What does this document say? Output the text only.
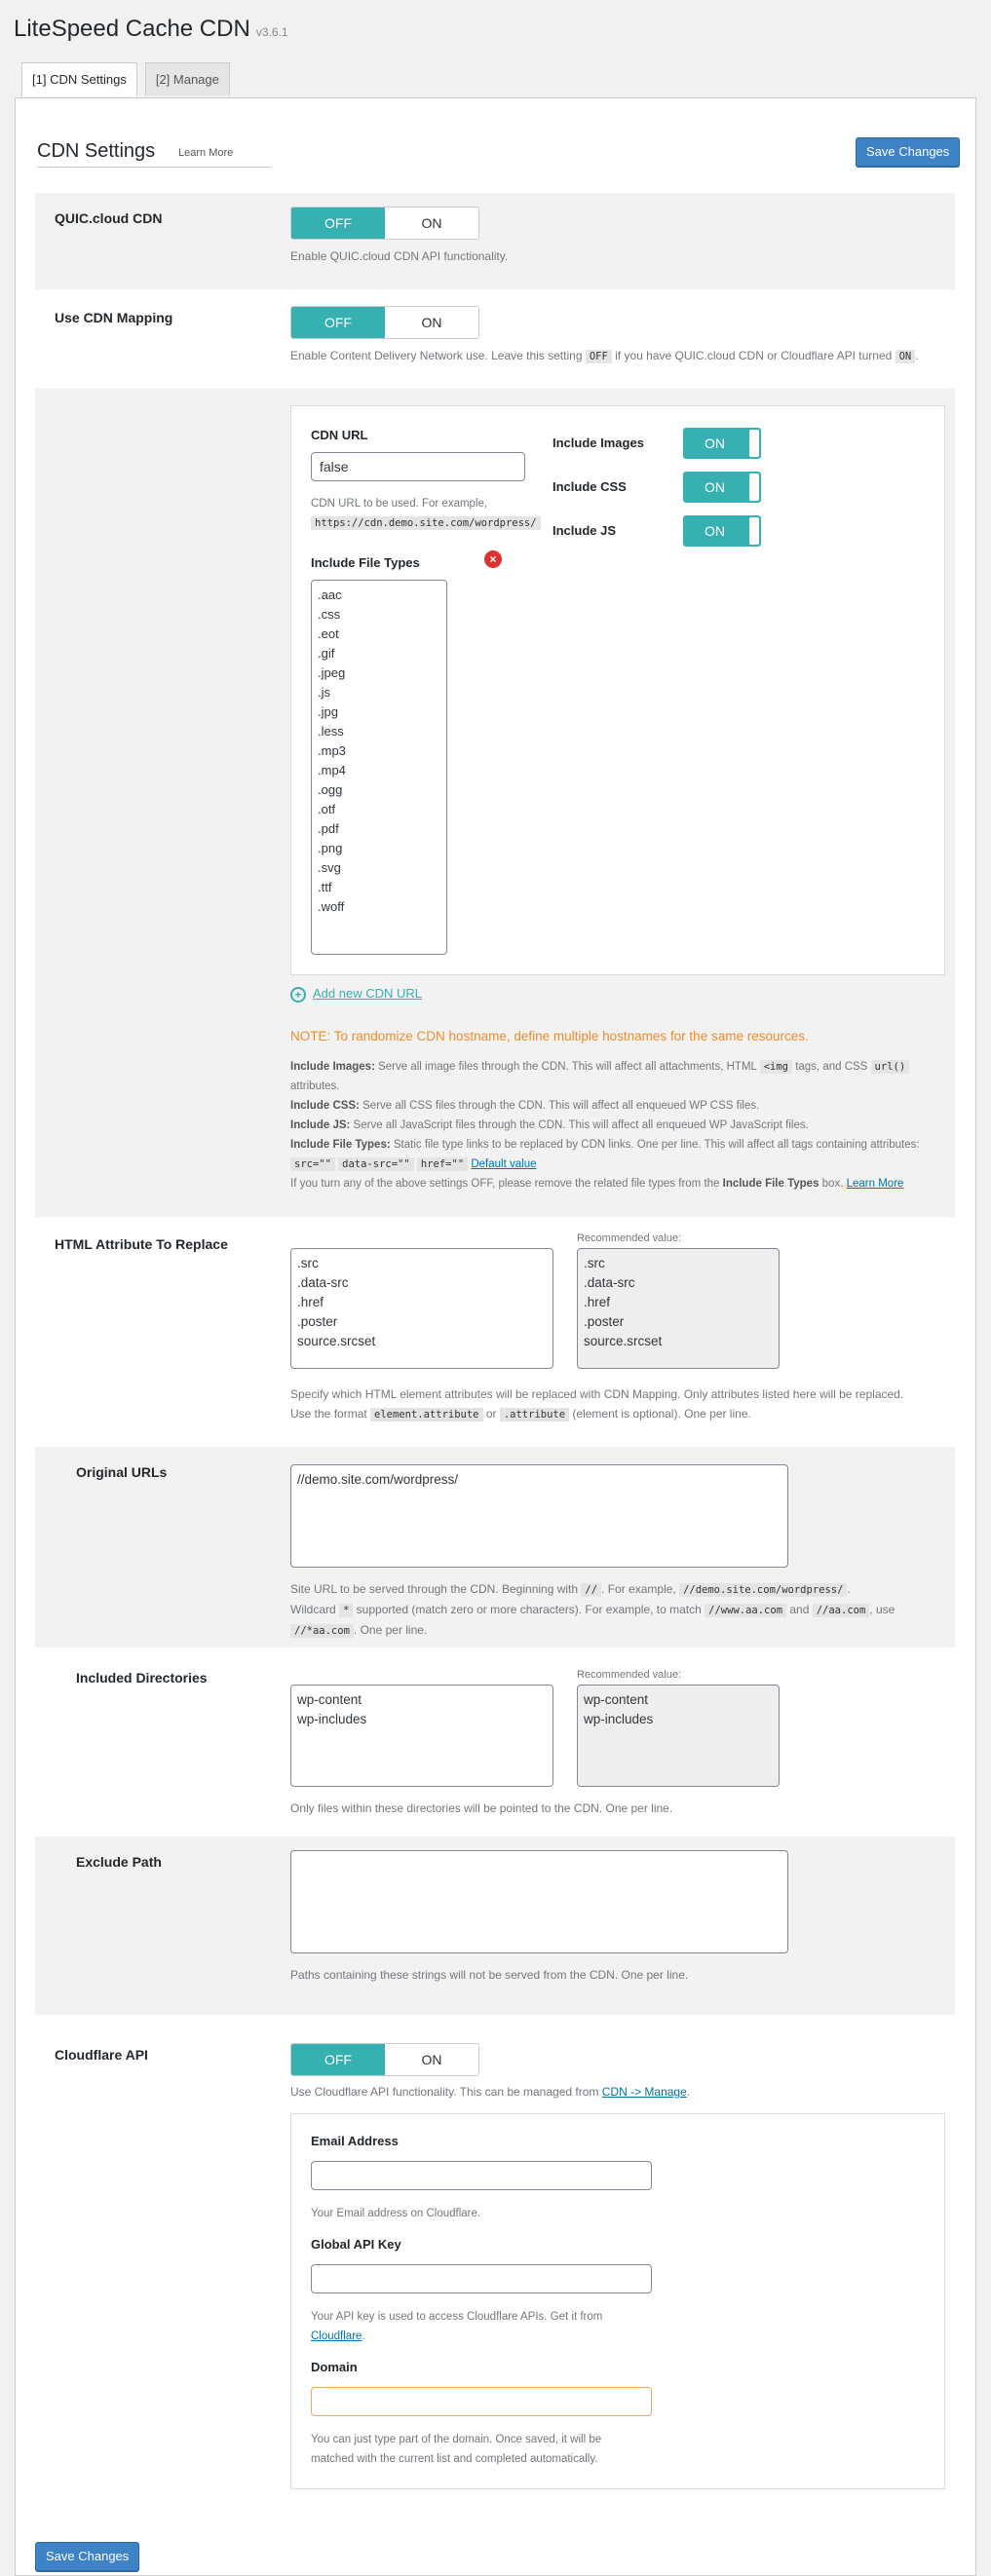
LiteSpeed Cache CDN v3.6.1
[1] CDN Settings	[2] Manage
CDN Settings Learn More	Save Changes
QUIC.cloud CDN	OFF	ON
Enable QUIC.cloud CDN API functionality.
Use CDN Mapping	OFF	ON
Enable Content Delivery Network use. Leave this setting OFF if you have QUIC.cloud CDN or Cloudflare API turned ON .
CDN URL
false
CDN URL to be used. For example,
https://cdn.demo.site.com/wordpress/
Include File Types	×
.aac
.css
.eot
.gif
.jpeg
.js
.jpg
.less
.mp3
.mp4
.ogg
.otf
.pdf
.png
.svg
.ttf
.woff
Include Images	ON
Include CSS	ON
Include JS	ON
+ Add new CDN URL
NOTE: To randomize CDN hostname, define multiple hostnames for the same resources.
Include Images: Serve all image files through the CDN. This will affect all attachments, HTML <img tags, and CSS url()
attributes.
Include CSS: Serve all CSS files through the CDN. This will affect all enqueued WP CSS files.
Include JS: Serve all JavaScript files through the CDN. This will affect all enqueued WP JavaScript files.
Include File Types: Static file type links to be replaced by CDN links. One per line. This will affect all tags containing attributes:
src="" data-src="" href="" Default value
If you turn any of the above settings OFF, please remove the related file types from the Include File Types box. Learn More
HTML Attribute To Replace
.src
.data-src
.href
.poster
source.srcset
Recommended value:
.src
.data-src
.href
.poster
source.srcset
Specify which HTML element attributes will be replaced with CDN Mapping. Only attributes listed here will be replaced.
Use the format element.attribute or .attribute (element is optional). One per line.
Original URLs	//demo.site.com/wordpress/
Site URL to be served through the CDN. Beginning with // . For example, //demo.site.com/wordpress/ .
Wildcard * supported (match zero or more characters). For example, to match //www.aa.com and //aa.com , use
//*aa.com . One per line.
Included Directories
wp-content
wp-includes
Recommended value:
wp-content
wp-includes
Only files within these directories will be pointed to the CDN. One per line.
Exclude Path
Paths containing these strings will not be served from the CDN. One per line.
Cloudflare API	OFF	ON
Use Cloudflare API functionality. This can be managed from CDN -> Manage.
Email Address
Your Email address on Cloudflare.
Global API Key
Your API key is used to access Cloudflare APIs. Get it from
Cloudflare.
Domain
You can just type part of the domain. Once saved, it will be
matched with the current list and completed automatically.
Save Changes
